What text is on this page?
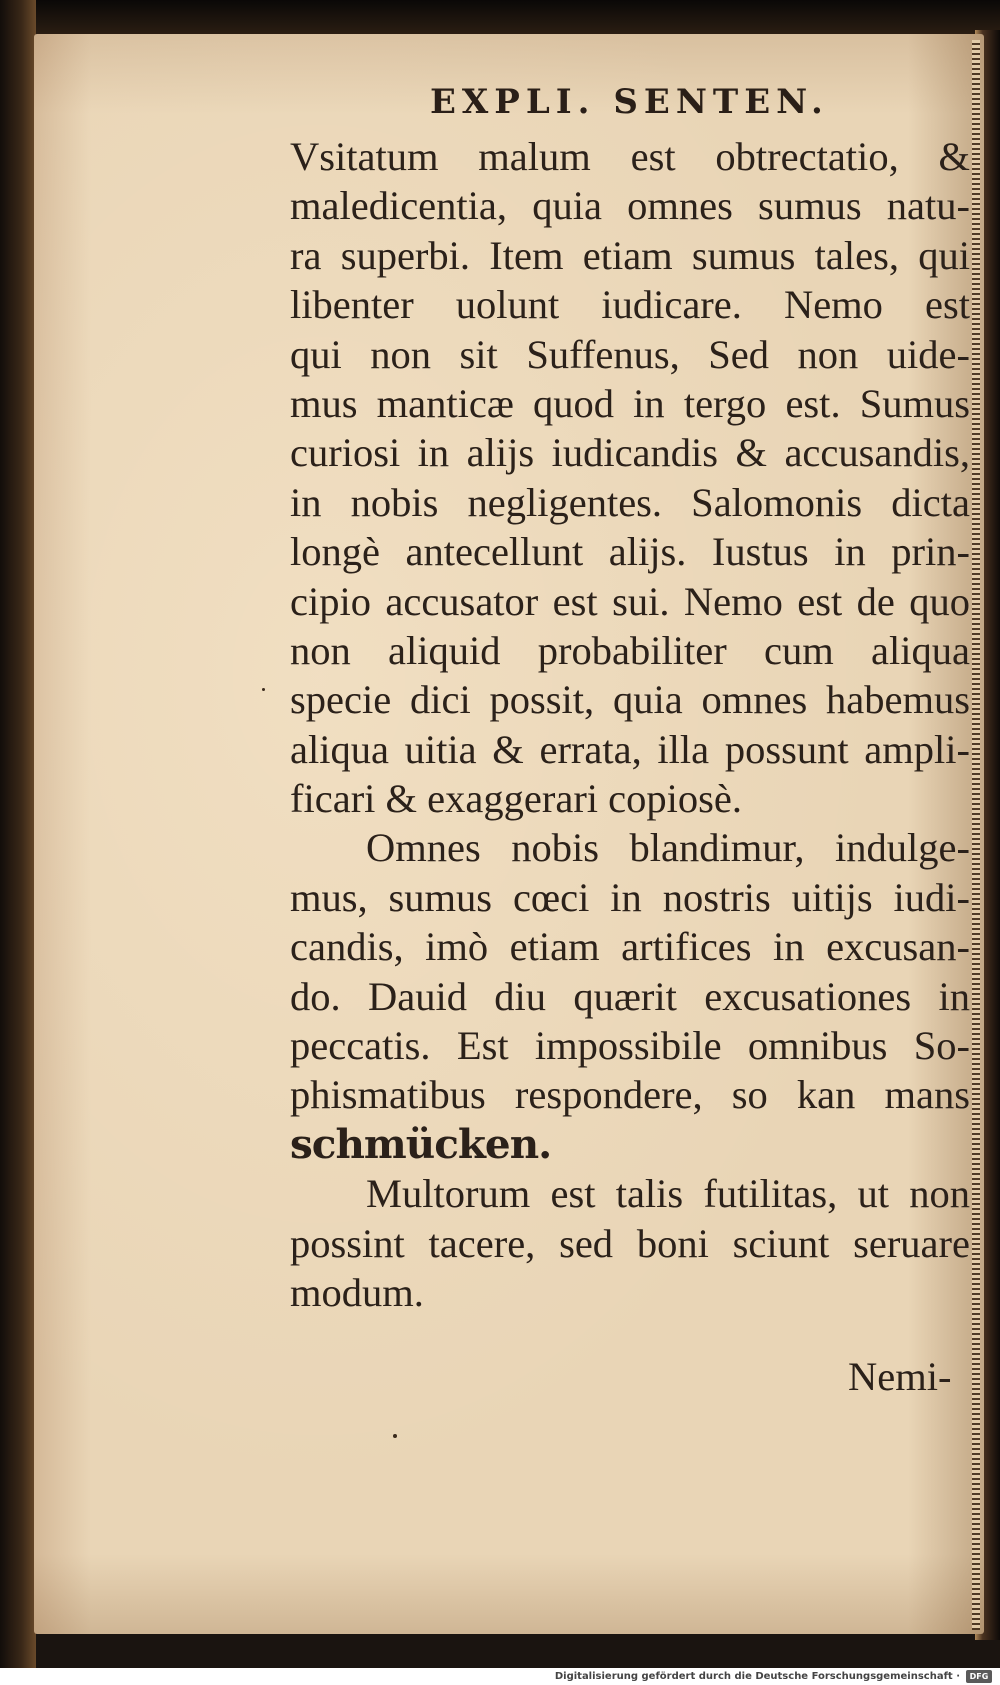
EXPLI. SENTEN.
Vsitatum malum est obtrectatio, &
maledicentia, quia omnes sumus natu-
ra superbi. Item etiam sumus tales, qui
libenter uolunt iudicare. Nemo est
qui non sit Suffenus, Sed non uide-
mus manticæ quod in tergo est. Sumus
curiosi in alijs iudicandis & accusandis,
in nobis negligentes. Salomonis dicta
longè antecellunt alijs. Iustus in prin-
cipio accusator est sui. Nemo est de quo
non aliquid probabiliter cum aliqua
specie dici possit, quia omnes habemus
aliqua uitia & errata, illa possunt ampli-
ficari & exaggerari copiosè.
Omnes nobis blandimur, indulge-
mus, sumus cœci in nostris uitijs iudi-
candis, imò etiam artifices in excusan-
do. Dauid diu quærit excusationes in
peccatis. Est impossibile omnibus So-
phismatibus respondere, so kan mans
schmücken.
Multorum est talis futilitas, ut non
possint tacere, sed boni sciunt seruare
modum.
Nemi-
Digitalisierung gefördert durch die Deutsche Forschungsgemeinschaft ·	DFG
